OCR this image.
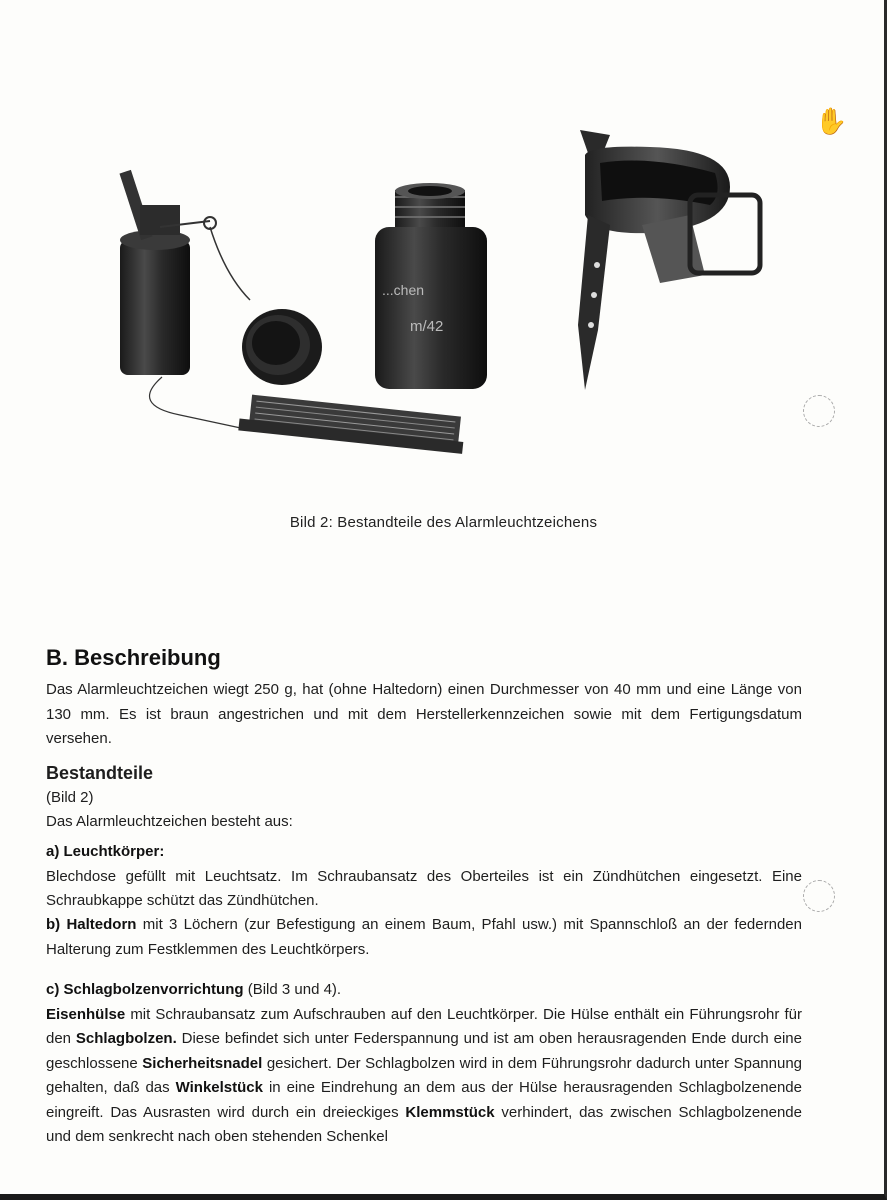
✋
...chen
m/42
Bild 2: Bestandteile des Alarmleuchtzeichens
B. Beschreibung

Das Alarmleuchtzeichen wiegt 250 g, hat (ohne Haltedorn) einen Durchmesser von 40 mm und eine Länge von 130 mm. Es ist braun angestrichen und mit dem Herstellerkennzeichen sowie mit dem Fertigungsdatum versehen.

Bestandteile
(Bild 2)
Das Alarmleuchtzeichen besteht aus:

a) Leuchtkörper:
Blechdose gefüllt mit Leuchtsatz. Im Schraubansatz des Oberteiles ist ein Zündhütchen eingesetzt. Eine Schraubkappe schützt das Zündhütchen.

b) Haltedorn mit 3 Löchern (zur Befestigung an einem Baum, Pfahl usw.) mit Spannschloß an der federnden Halterung zum Festklemmen des Leuchtkörpers.

c) Schlagbolzenvorrichtung (Bild 3 und 4).
Eisenhülse mit Schraubansatz zum Aufschrauben auf den Leuchtkörper. Die Hülse enthält ein Führungsrohr für den Schlagbolzen. Diese befindet sich unter Federspannung und ist am oben herausragenden Ende durch eine geschlossene Sicherheitsnadel gesichert. Der Schlagbolzen wird in dem Führungsrohr dadurch unter Spannung gehalten, daß das Winkelstück in eine Eindrehung an dem aus der Hülse herausragenden Schlagbolzenende eingreift. Das Ausrasten wird durch ein dreieckiges Klemmstück verhindert, das zwischen Schlagbolzenende und dem senkrecht nach oben stehenden Schenkel
